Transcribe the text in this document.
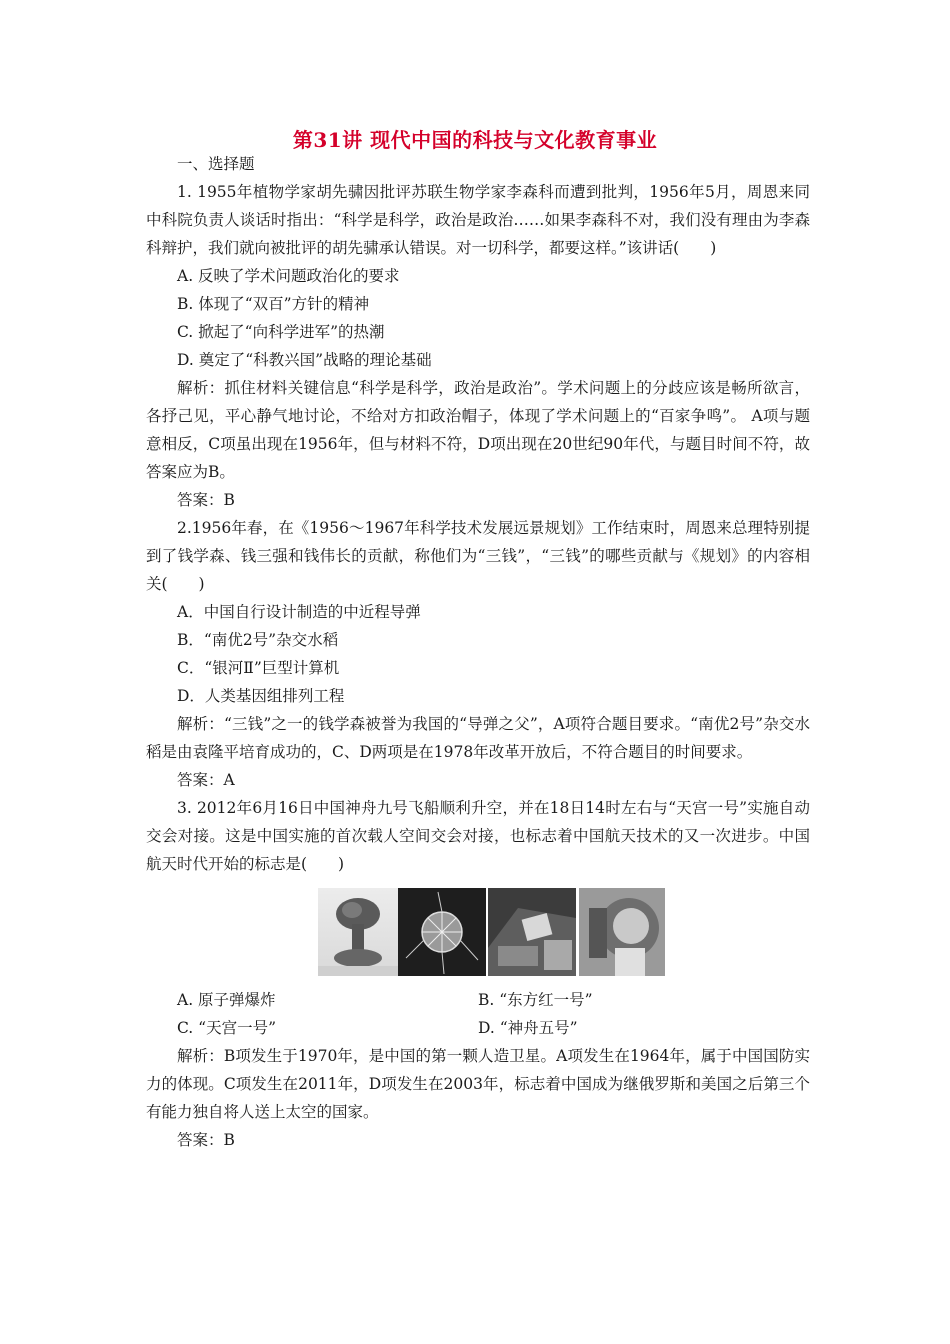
第31讲 现代中国的科技与文化教育事业

一、选择题

1. 1955年植物学家胡先骕因批评苏联生物学家李森科而遭到批判，1956年5月，周恩来同中科院负责人谈话时指出：“科学是科学，政治是政治……如果李森科不对，我们没有理由为李森科辩护，我们就向被批评的胡先骕承认错误。对一切科学，都要这样。”该讲话(　　)

A. 反映了学术问题政治化的要求

B. 体现了“双百”方针的精神

C. 掀起了“向科学进军”的热潮

D. 奠定了“科教兴国”战略的理论基础

解析：抓住材料关键信息“科学是科学，政治是政治”。学术问题上的分歧应该是畅所欲言，各抒己见，平心静气地讨论，不给对方扣政治帽子，体现了学术问题上的“百家争鸣”。 A项与题意相反，C项虽出现在1956年，但与材料不符，D项出现在20世纪90年代，与题目时间不符，故答案应为B。

答案：B

2.1956年春，在《1956～1967年科学技术发展远景规划》工作结束时，周恩来总理特别提到了钱学森、钱三强和钱伟长的贡献，称他们为“三钱”，“三钱”的哪些贡献与《规划》的内容相关(　　)

A．中国自行设计制造的中近程导弹

B．“南优2号”杂交水稻

C．“银河Ⅱ”巨型计算机

D．人类基因组排列工程

解析：“三钱”之一的钱学森被誉为我国的“导弹之父”，A项符合题目要求。“南优2号”杂交水稻是由袁隆平培育成功的，C、D两项是在1978年改革开放后，不符合题目的时间要求。

答案：A

3. 2012年6月16日中国神舟九号飞船顺利升空，并在18日14时左右与“天宫一号”实施自动交会对接。这是中国实施的首次载人空间交会对接，也标志着中国航天技术的又一次进步。中国航天时代开始的标志是(　　)

A. 原子弹爆炸	B. “东方红一号”
C. “天宫一号”	D. “神舟五号”

解析：B项发生于1970年，是中国的第一颗人造卫星。A项发生在1964年，属于中国国防实力的体现。C项发生在2011年，D项发生在2003年，标志着中国成为继俄罗斯和美国之后第三个有能力独自将人送上太空的国家。

答案：B
